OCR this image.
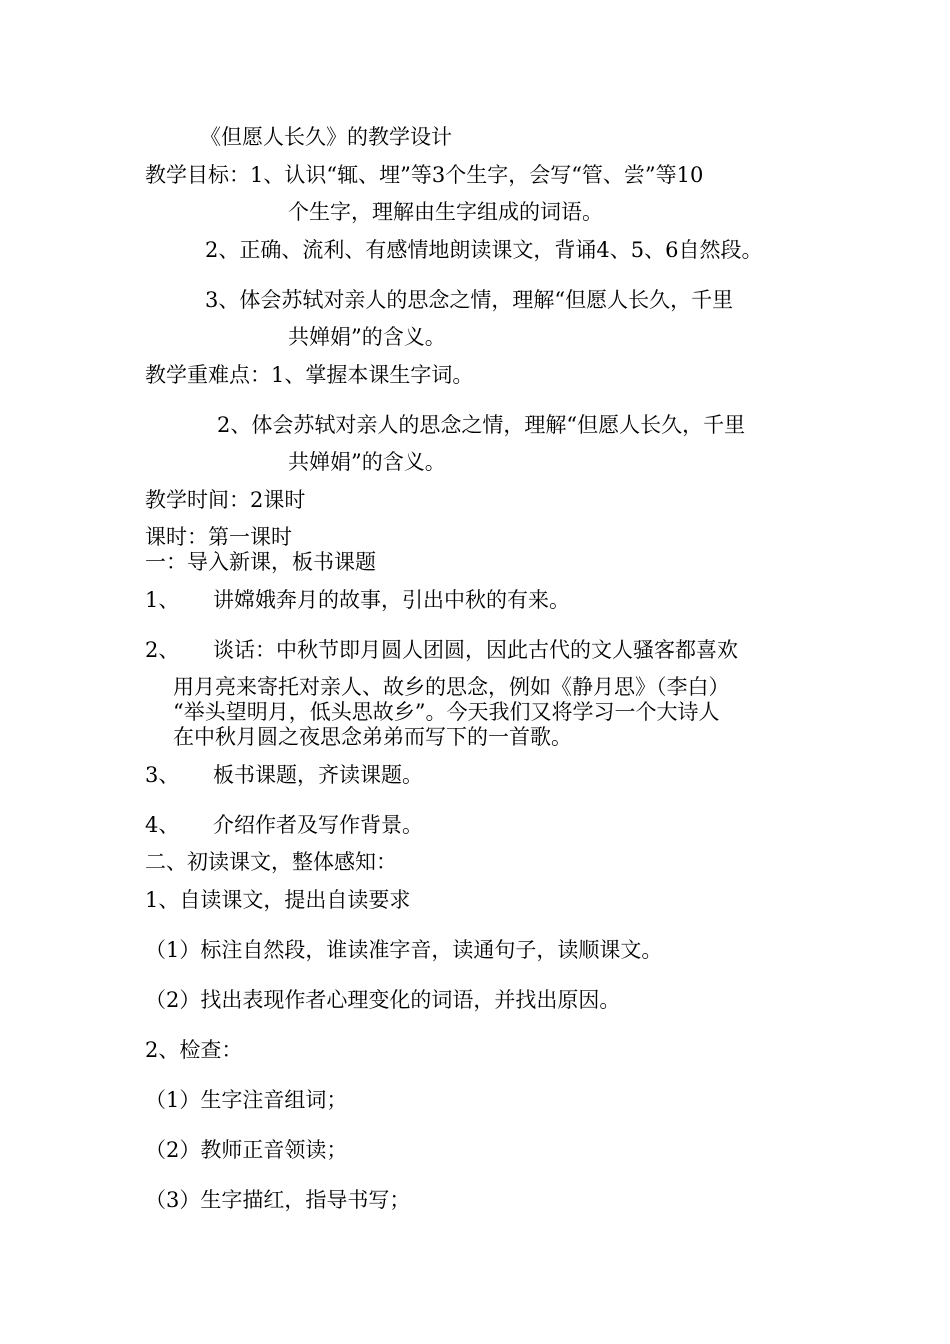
《但愿人长久》的教学设计
教学目标：1、认识“辄、埋”等3个生字，会写“管、尝”等10
个生字，理解由生字组成的词语。
2、正确、流利、有感情地朗读课文，背诵4、5、6自然段。
3、体会苏轼对亲人的思念之情，理解“但愿人长久，千里
共婵娟”的含义。
教学重难点：1、掌握本课生字词。
2、体会苏轼对亲人的思念之情，理解“但愿人长久，千里
共婵娟”的含义。
教学时间：2课时
课时：第一课时
一：导入新课，板书课题
1、 讲嫦娥奔月的故事，引出中秋的有来。
2、 谈话：中秋节即月圆人团圆，因此古代的文人骚客都喜欢
用月亮来寄托对亲人、故乡的思念，例如《静月思》（李白）
“举头望明月，低头思故乡”。今天我们又将学习一个大诗人
在中秋月圆之夜思念弟弟而写下的一首歌。
3、 板书课题，齐读课题。
4、 介绍作者及写作背景。
二、初读课文，整体感知：
1、自读课文，提出自读要求
（1）标注自然段，谁读准字音，读通句子，读顺课文。
（2）找出表现作者心理变化的词语，并找出原因。
2、检查：
（1）生字注音组词；
（2）教师正音领读；
（3）生字描红，指导书写；
